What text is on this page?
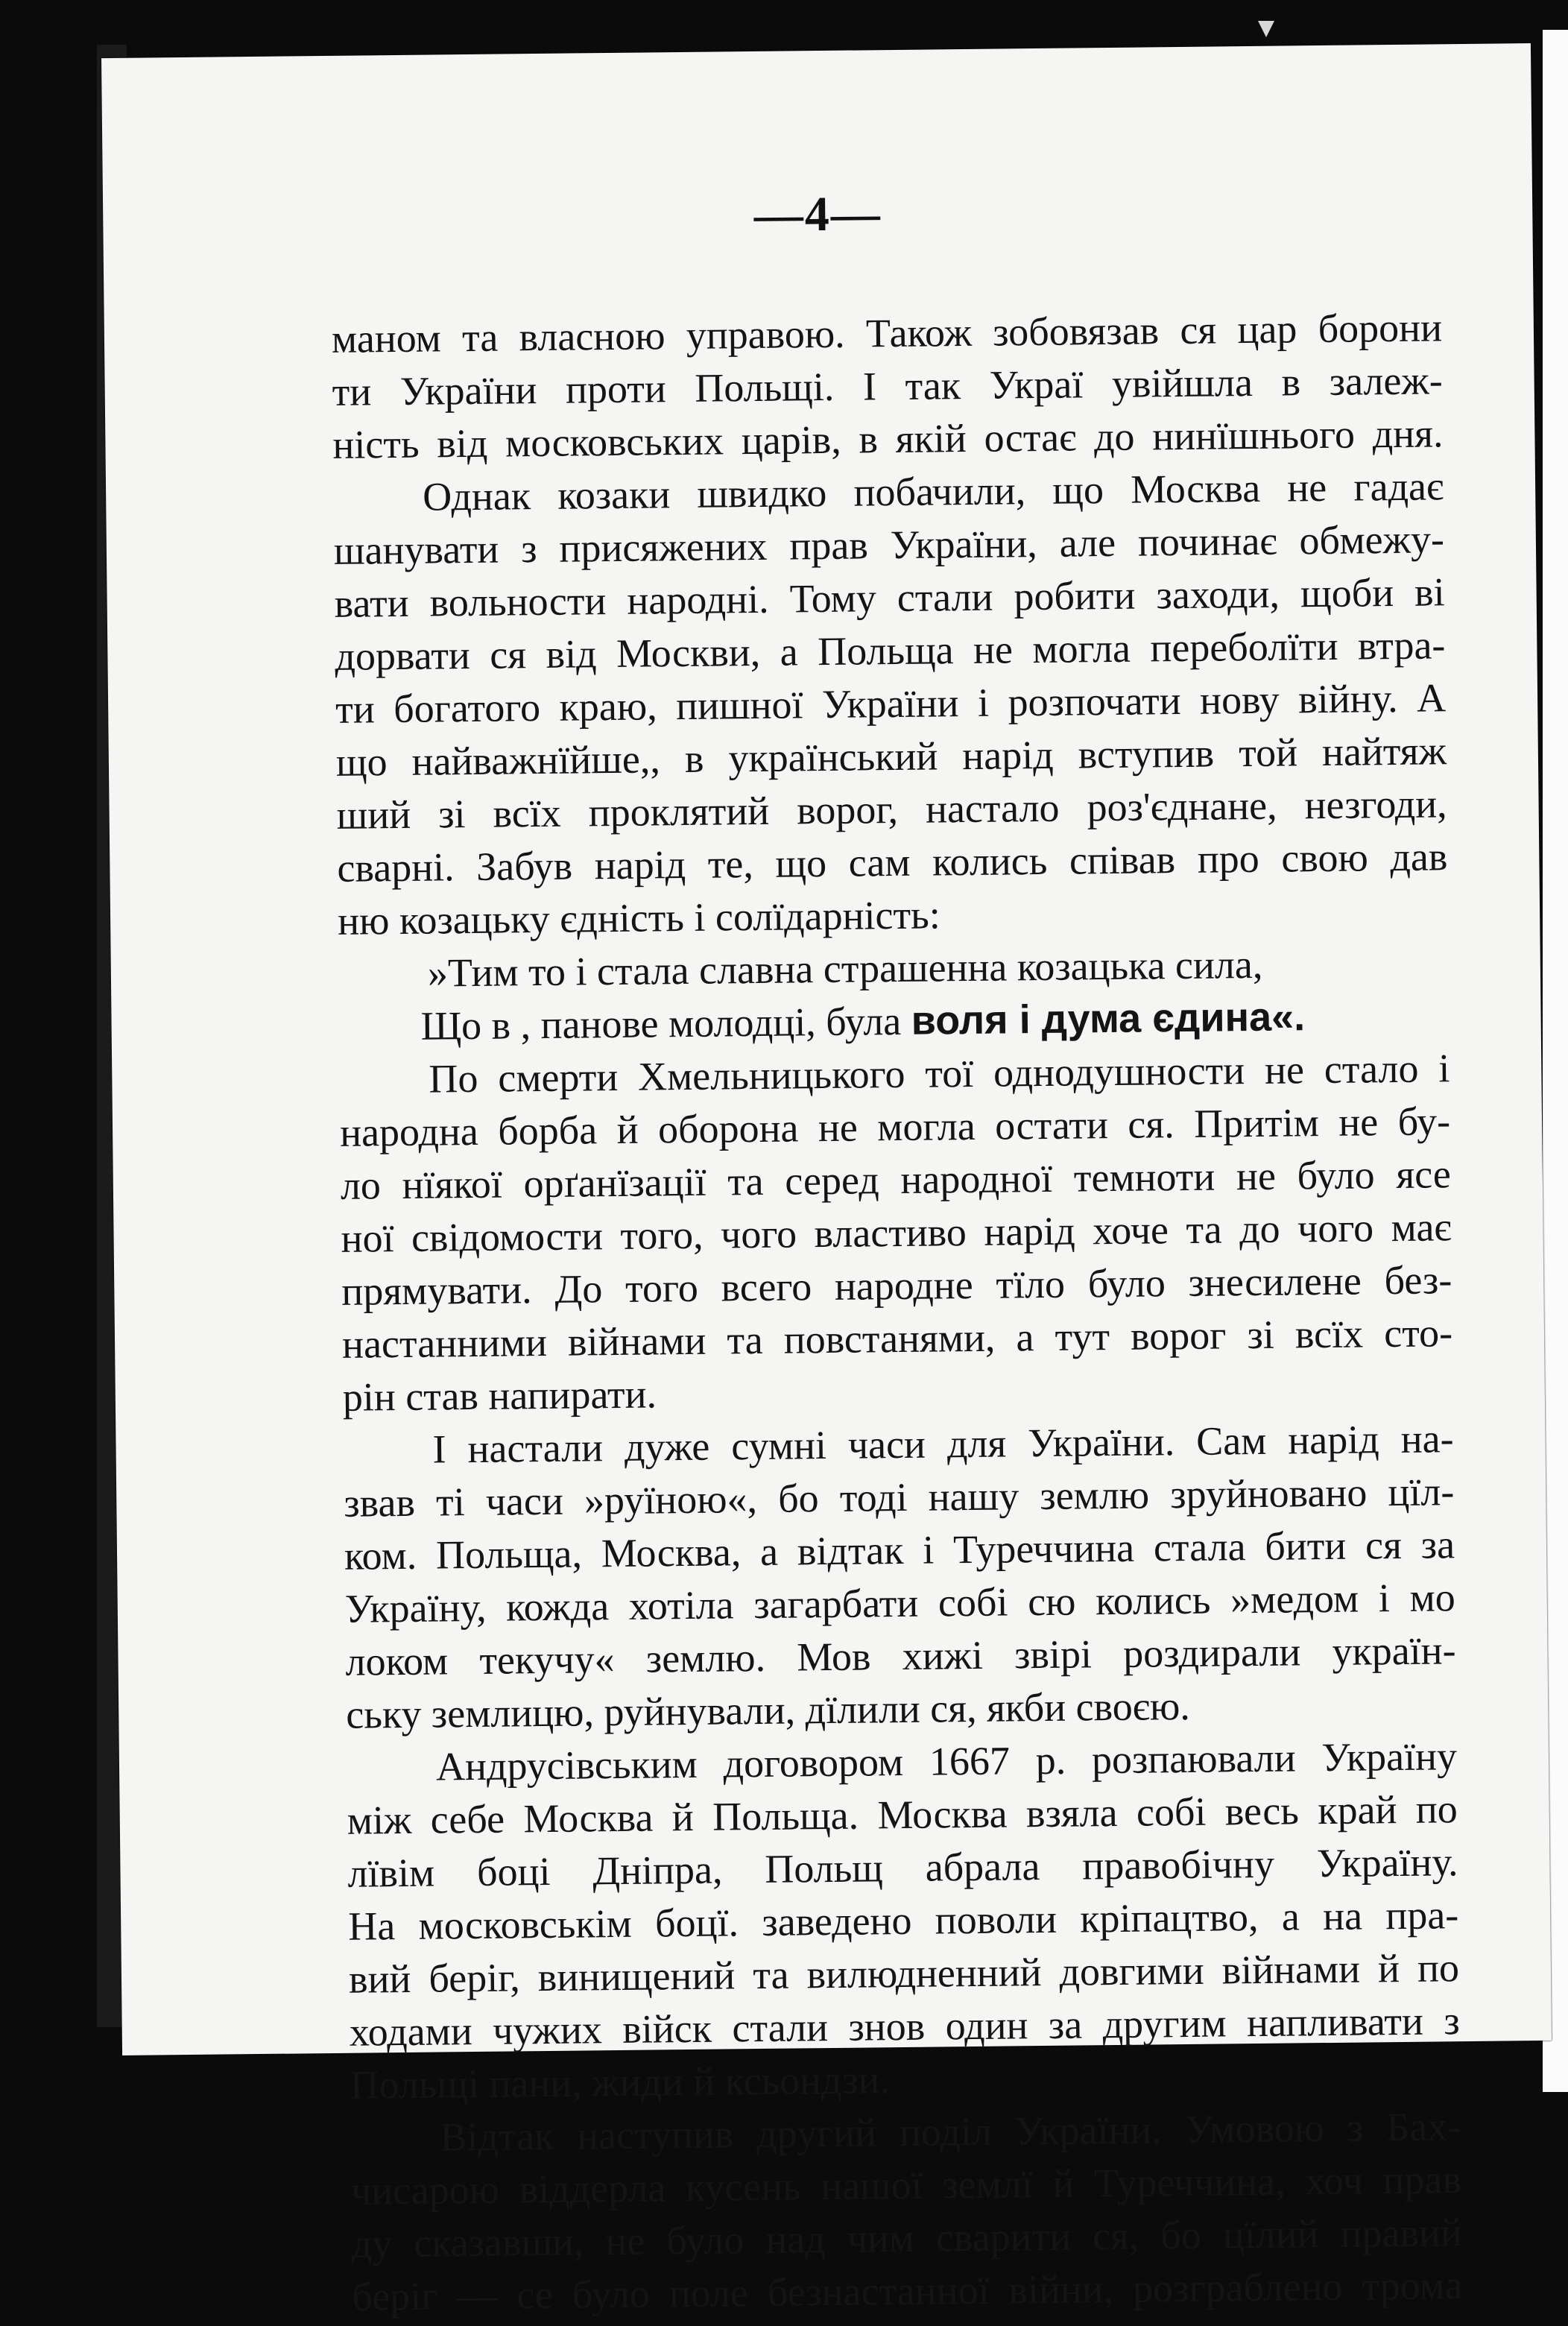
—4—
маном та власною управою. Також зобовязав ся цар борони
ти України проти Польщі. І так Украї увійшла в залеж-
ність від московських царів, в якій остає до нинїшнього дня.
Однак козаки швидко побачили, що Москва не гадає
шанувати з присяжених прав України, але починає обмежу-
вати вольности народні. Тому стали робити заходи, щоби ві
дорвати ся від Москви, а Польща не могла переболїти втра-
ти богатого краю, пишної України і розпочати нову війну. А
що найважнїйше,, в український нарід вступив той найтяж
ший зі всїх проклятий ворог, настало роз'єднане, незгоди,
сварні. Забув нарід те, що сам колись співав про свою дав
ню козацьку єдність і солїдарність:
»Тим то і стала славна страшенна козацька сила,
Що в , панове молодці, була воля і дума єдина«.
По смерти Хмельницького тої однодушности не стало і
народна борба й оборона не могла остати ся. Притім не бу-
ло нїякої орґанїзації та серед народної темноти не було ясе
ної свідомости того, чого властиво нарід хоче та до чого має
прямувати. До того всего народне тїло було знесилене без-
настанними війнами та повстанями, а тут ворог зі всїх сто-
рін став напирати.
І настали дуже сумні часи для України. Сам нарід на-
звав ті часи »руїною«, бо тоді нашу землю зруйновано цїл-
ком. Польща, Москва, а відтак і Туреччина стала бити ся за
Україну, кожда хотіла загарбати собі сю колись »медом і мо
локом текучу« землю. Мов хижі звірі роздирали україн-
ську землицю, руйнували, дїлили ся, якби своєю.
Андрусівським договором 1667 р. розпаювали Україну
між себе Москва й Польща. Москва взяла собі весь край по
лївім боці Дніпра, Польщ абрала правобічну Україну.
На московськім боцї. заведено поволи кріпацтво, а на пра-
вий беріг, винищений та вилюдненний довгими війнами й по
ходами чужих війск стали знов один за другим напливати з
Польщі пани, жиди й ксьондзи.
Відтак наступив другий поділ України. Умовою з Бах-
чисарою віддерла кусень нашої землї й Туреччина, хоч прав
ду сказавши, не було над чим сварити ся, бо цїлий правий
беріг — се було поле безнастанної війни, розграблено трома
